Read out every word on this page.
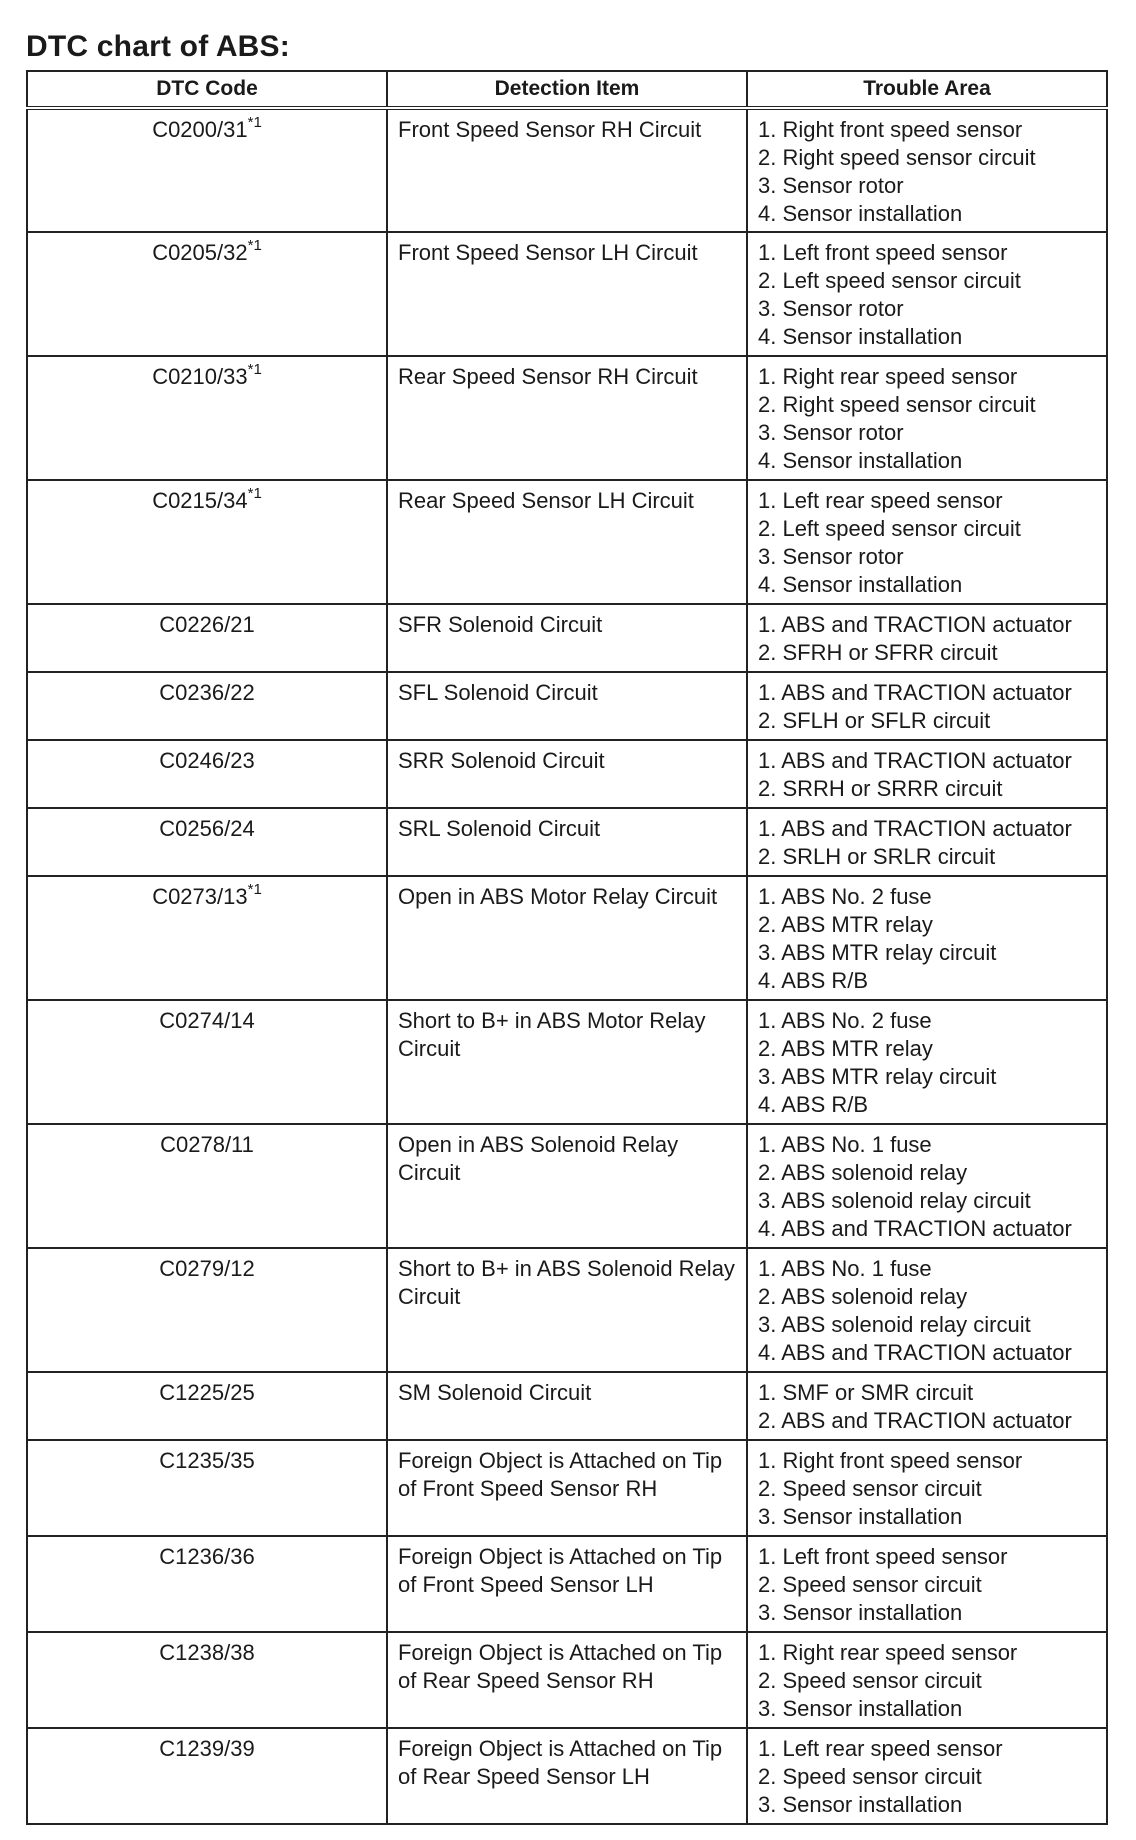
DTC chart of ABS:
DTC Code	Detection Item	Trouble Area
C0200/31$^{*1}$	Front Speed Sensor RH Circuit	1. Right front speed sensor
2. Right speed sensor circuit
3. Sensor rotor
4. Sensor installation

C0205/32$^{*1}$	Front Speed Sensor LH Circuit	1. Left front speed sensor
2. Left speed sensor circuit
3. Sensor rotor
4. Sensor installation

C0210/33$^{*1}$	Rear Speed Sensor RH Circuit	1. Right rear speed sensor
2. Right speed sensor circuit
3. Sensor rotor
4. Sensor installation

C0215/34$^{*1}$	Rear Speed Sensor LH Circuit	1. Left rear speed sensor
2. Left speed sensor circuit
3. Sensor rotor
4. Sensor installation

C0226/21	SFR Solenoid Circuit	1. ABS and TRACTION actuator
2. SFRH or SFRR circuit

C0236/22	SFL Solenoid Circuit	1. ABS and TRACTION actuator
2. SFLH or SFLR circuit

C0246/23	SRR Solenoid Circuit	1. ABS and TRACTION actuator
2. SRRH or SRRR circuit

C0256/24	SRL Solenoid Circuit	1. ABS and TRACTION actuator
2. SRLH or SRLR circuit

C0273/13$^{*1}$	Open in ABS Motor Relay Circuit	1. ABS No. 2 fuse
2. ABS MTR relay
3. ABS MTR relay circuit
4. ABS R/B

C0274/14	Short to B+ in ABS Motor Relay Circuit	1. ABS No. 2 fuse
2. ABS MTR relay
3. ABS MTR relay circuit
4. ABS R/B

C0278/11	Open in ABS Solenoid Relay Circuit	1. ABS No. 1 fuse
2. ABS solenoid relay
3. ABS solenoid relay circuit
4. ABS and TRACTION actuator

C0279/12	Short to B+ in ABS Solenoid Relay Circuit	1. ABS No. 1 fuse
2. ABS solenoid relay
3. ABS solenoid relay circuit
4. ABS and TRACTION actuator

C1225/25	SM Solenoid Circuit	1. SMF or SMR circuit
2. ABS and TRACTION actuator

C1235/35	Foreign Object is Attached on Tip of Front Speed Sensor RH	1. Right front speed sensor
2. Speed sensor circuit
3. Sensor installation

C1236/36	Foreign Object is Attached on Tip of Front Speed Sensor LH	1. Left front speed sensor
2. Speed sensor circuit
3. Sensor installation

C1238/38	Foreign Object is Attached on Tip of Rear Speed Sensor RH	1. Right rear speed sensor
2. Speed sensor circuit
3. Sensor installation

C1239/39	Foreign Object is Attached on Tip of Rear Speed Sensor LH	1. Left rear speed sensor
2. Speed sensor circuit
3. Sensor installation
